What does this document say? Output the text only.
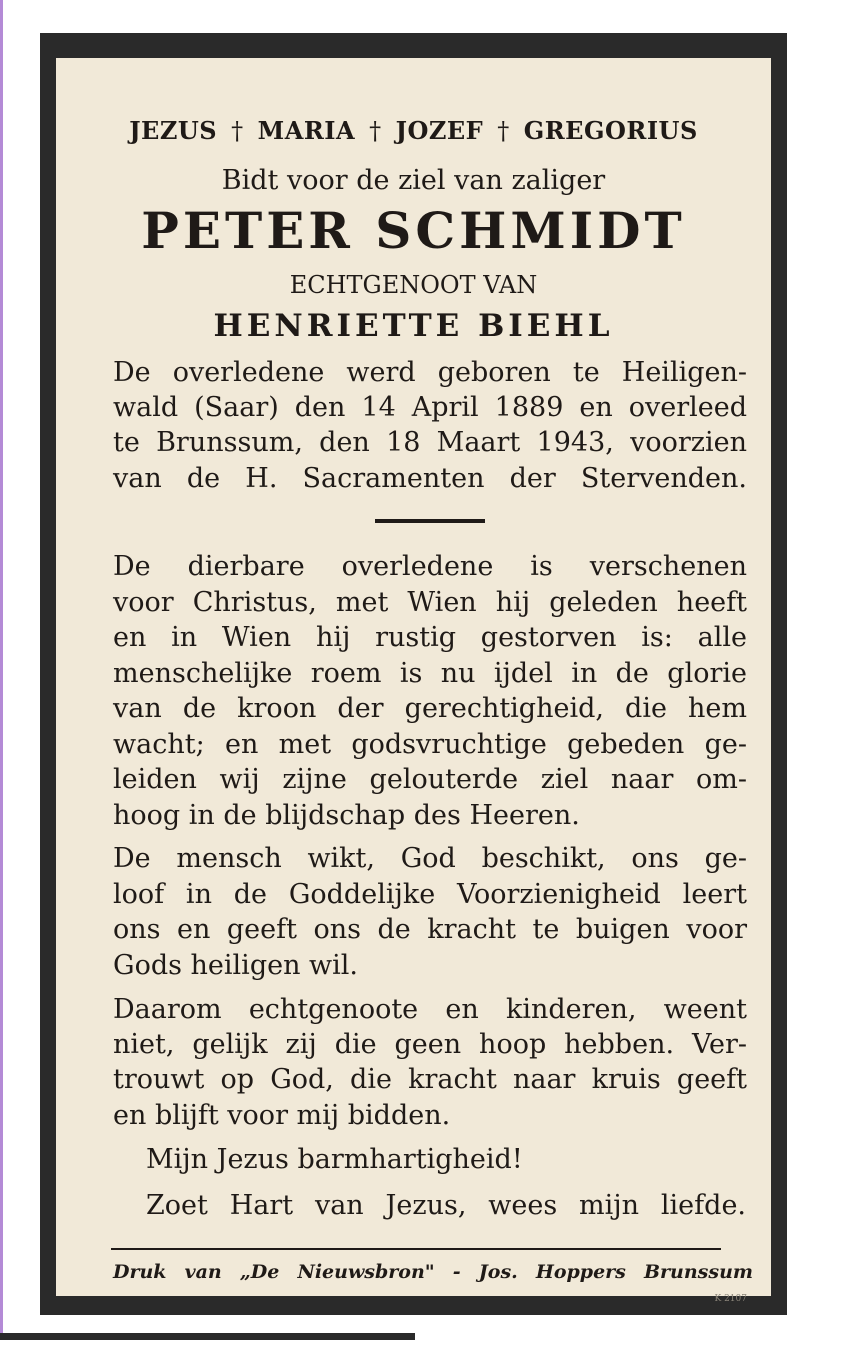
JEZUS † MARIA † JOZEF † GREGORIUS
Bidt voor de ziel van zaliger
PETER SCHMIDT
ECHTGENOOT VAN
HENRIETTE BIEHL
De overledene werd geboren te Heiligen-
wald (Saar) den 14 April 1889 en overleed
te Brunssum, den 18 Maart 1943, voorzien
van de H. Sacramenten der Stervenden.
De dierbare overledene is verschenen
voor Christus, met Wien hij geleden heeft
en in Wien hij rustig gestorven is: alle
menschelijke roem is nu ijdel in de glorie
van de kroon der gerechtigheid, die hem
wacht; en met godsvruchtige gebeden ge-
leiden wij zijne gelouterde ziel naar om-
hoog in de blijdschap des Heeren.
De mensch wikt, God beschikt, ons ge-
loof in de Goddelijke Voorzienigheid leert
ons en geeft ons de kracht te buigen voor
Gods heiligen wil.
Daarom echtgenoote en kinderen, weent
niet, gelijk zij die geen hoop hebben. Ver-
trouwt op God, die kracht naar kruis geeft
en blijft voor mij bidden.
Mijn Jezus barmhartigheid!
Zoet Hart van Jezus, wees mijn liefde.
Druk van „De Nieuwsbron" - Jos. Hoppers Brunssum
K 2107
